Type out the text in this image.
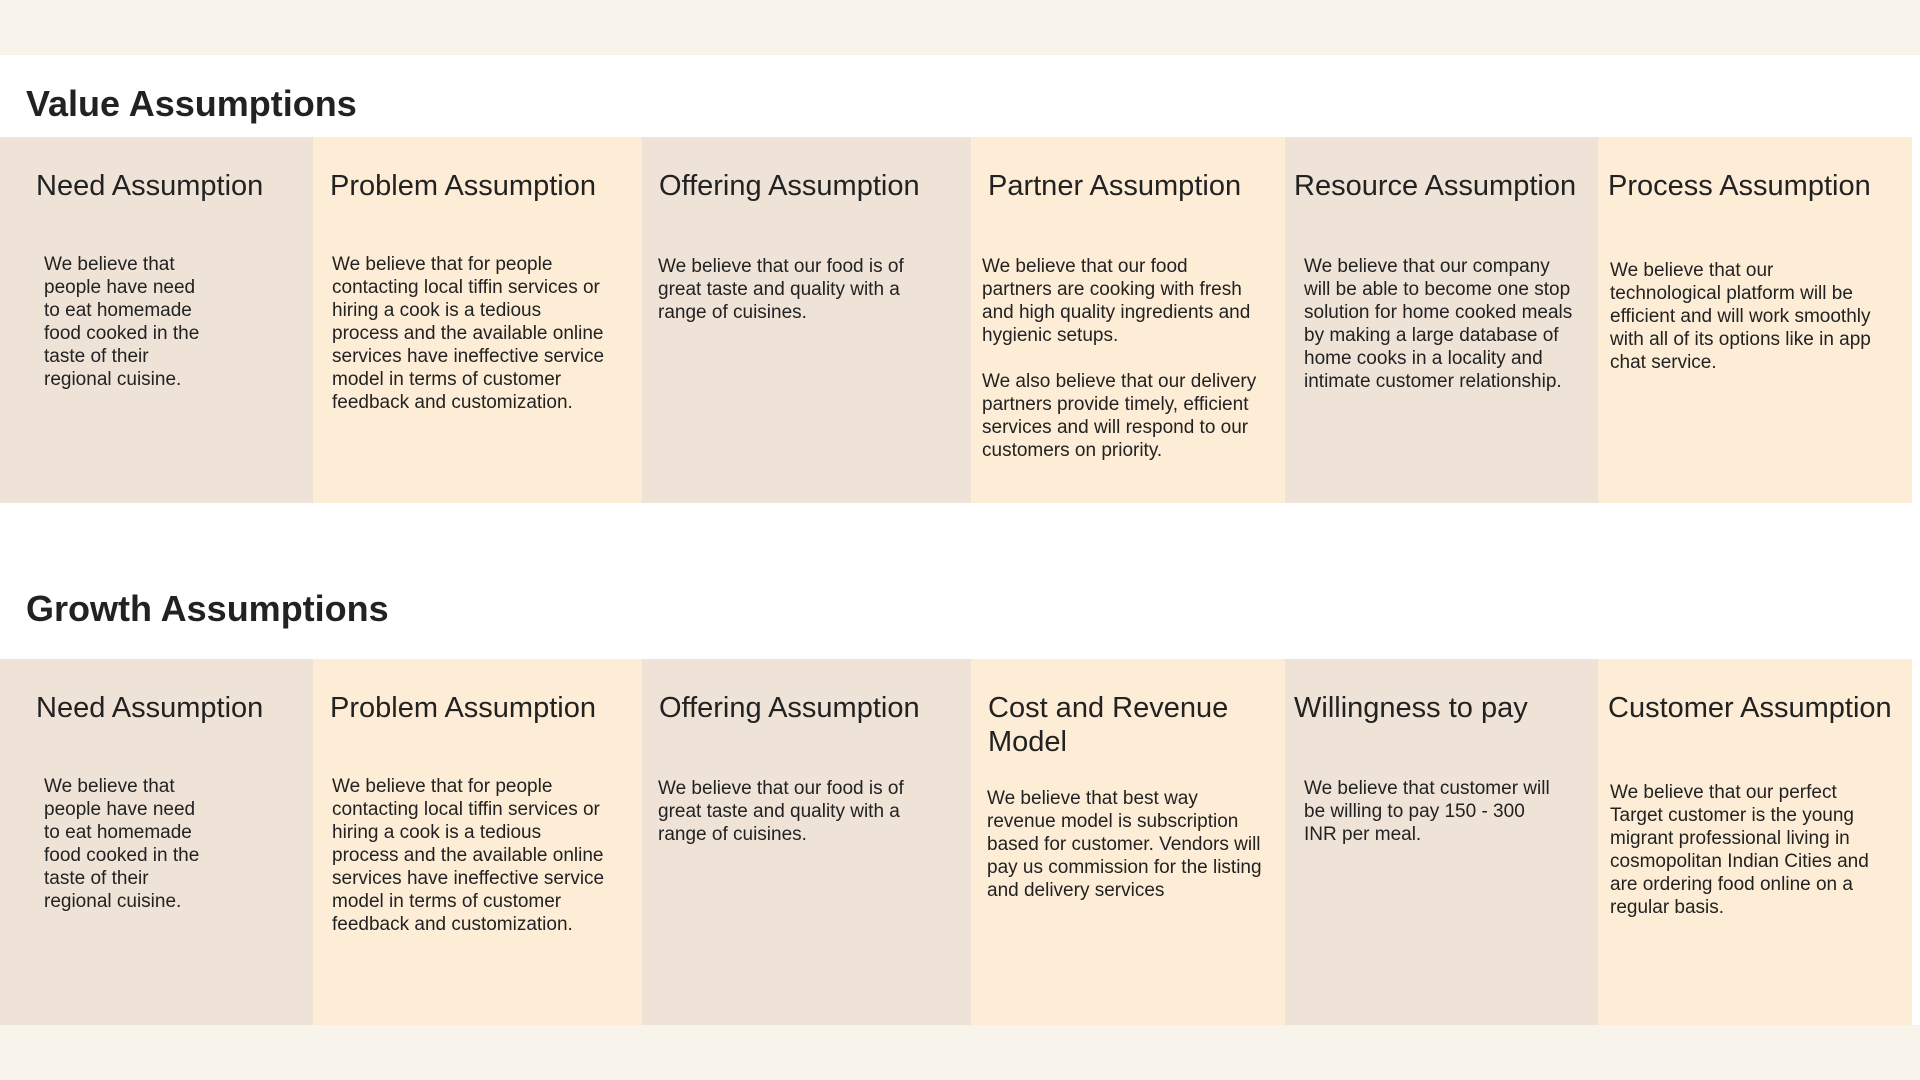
Value Assumptions
Need Assumption
We believe that
people have need
to eat homemade
food cooked in the
taste of their
regional cuisine.
Problem Assumption
We believe that for people
contacting local tiffin services or
hiring a cook is a tedious
process and the available online
services have ineffective service
model in terms of customer
feedback and customization.
Offering Assumption
We believe that our food is of
great taste and quality with a
range of cuisines.
Partner Assumption
We believe that our food
partners are cooking with fresh
and high quality ingredients and
hygienic setups.

We also believe that our delivery
partners provide timely, efficient
services and will respond to our
customers on priority.
Resource Assumption
We believe that our company
will be able to become one stop
solution for home cooked meals
by making a large database of
home cooks in a locality and
intimate customer relationship.
Process Assumption
We believe that our
technological platform will be
efficient and will work smoothly
with all of its options like in app
chat service.
Growth Assumptions
Need Assumption
We believe that
people have need
to eat homemade
food cooked in the
taste of their
regional cuisine.
Problem Assumption
We believe that for people
contacting local tiffin services or
hiring a cook is a tedious
process and the available online
services have ineffective service
model in terms of customer
feedback and customization.
Offering Assumption
We believe that our food is of
great taste and quality with a
range of cuisines.
Cost and Revenue Model
We believe that best way
revenue model is subscription
based for customer. Vendors will
pay us commission for the listing
and delivery services
Willingness to pay
We believe that customer will
be willing to pay 150 - 300
INR per meal.
Customer Assumption
We believe that our perfect
Target customer is the young
migrant professional living in
cosmopolitan Indian Cities and
are ordering food online on a
regular basis.
